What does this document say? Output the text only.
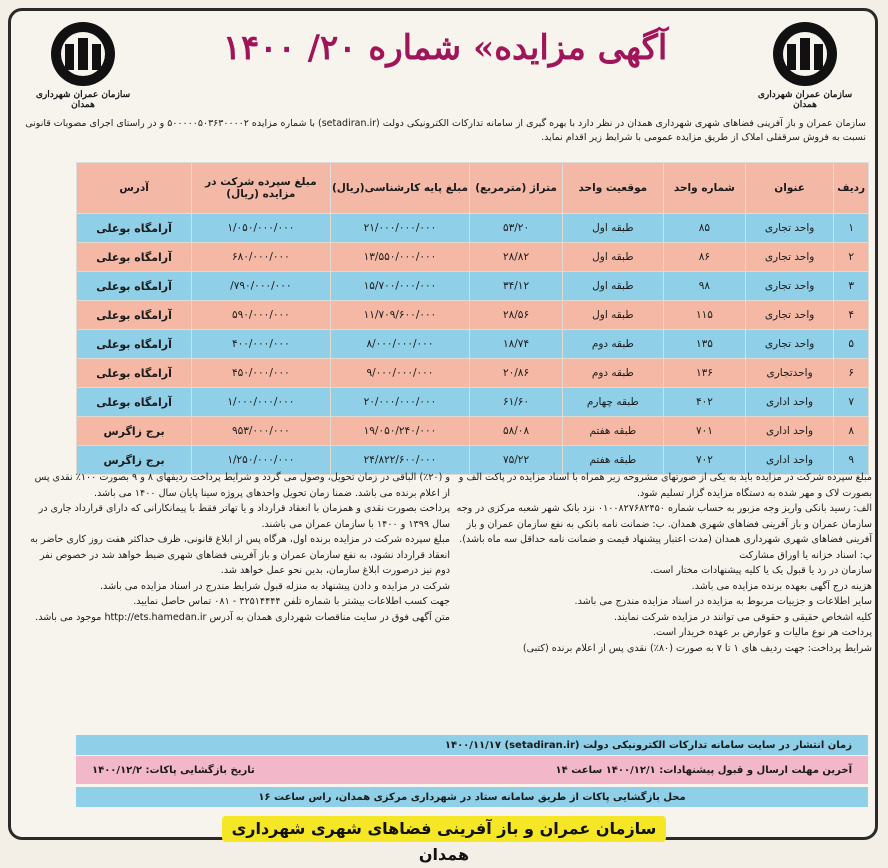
سازمان عمران شهرداری همدان
سازمان عمران شهرداری همدان
آگهی مزایده» شماره ۲۰/ ۱۴۰۰
سازمان عمران و باز آفرینی فضاهای شهری شهرداری همدان در نظر دارد با بهره گیری از سامانه تدارکات الکترونیکی دولت (setadiran.ir) با شماره مزایده ۵۰۰۰۰۰۵۰۳۶۳۰۰۰۰۲ و در راستای اجرای مصوبات قانونی نسبت به فروش سرقفلی املاک از طریق مزایده عمومی با شرایط زیر اقدام نماید.
ردیف	عنوان	شماره واحد	موقعیت واحد	متراژ (مترمربع)	مبلغ پایه کارشناسی(ریال)	مبلغ سپرده شرکت در مزایده (ریال)	آدرس
۱	واحد تجاری	۸۵	طبقه اول	۵۳/۲۰	۲۱/۰۰۰/۰۰۰/۰۰۰	۱/۰۵۰/۰۰۰/۰۰۰	آرامگاه بوعلی
۲	واحد تجاری	۸۶	طبقه اول	۲۸/۸۲	۱۳/۵۵۰/۰۰۰/۰۰۰	۶۸۰/۰۰۰/۰۰۰	آرامگاه بوعلی
۳	واحد تجاری	۹۸	طبقه اول	۳۴/۱۲	۱۵/۷۰۰/۰۰۰/۰۰۰	۷۹۰/۰۰۰/۰۰۰/	آرامگاه بوعلی
۴	واحد تجاری	۱۱۵	طبقه اول	۲۸/۵۶	۱۱/۷۰۹/۶۰۰/۰۰۰	۵۹۰/۰۰۰/۰۰۰	آرامگاه بوعلی
۵	واحد تجاری	۱۳۵	طبقه دوم	۱۸/۷۴	۸/۰۰۰/۰۰۰/۰۰۰	۴۰۰/۰۰۰/۰۰۰	آرامگاه بوعلی
۶	واحدتجاری	۱۳۶	طبقه دوم	۲۰/۸۶	۹/۰۰۰/۰۰۰/۰۰۰	۴۵۰/۰۰۰/۰۰۰	آرامگاه بوعلی
۷	واحد اداری	۴۰۲	طبقه چهارم	۶۱/۶۰	۲۰/۰۰۰/۰۰۰/۰۰۰	۱/۰۰۰/۰۰۰/۰۰۰	آرامگاه بوعلی
۸	واحد اداری	۷۰۱	طبقه هفتم	۵۸/۰۸	۱۹/۰۵۰/۲۴۰/۰۰۰	۹۵۳/۰۰۰/۰۰۰	برج زاگرس
۹	واحد اداری	۷۰۲	طبقه هفتم	۷۵/۲۲	۲۴/۸۲۲/۶۰۰/۰۰۰	۱/۲۵۰/۰۰۰/۰۰۰	برج زاگرس

مبلغ سپرده شرکت در مزایده باید به یکی از صورتهای مشروحه زیر همراه با اسناد مزایده در پاکت الف و بصورت لاک و مهر شده به دستگاه مزایده گزار تسلیم شود.

الف: رسید بانکی واریز وجه مزبور به حساب شماره ۰۱۰۰۸۲۷۶۸۲۴۵۰ نزد بانک شهر شعبه مرکزی در وجه سازمان عمران و باز آفرینی فضاهای شهری همدان. ب: ضمانت نامه بانکی به نفع سازمان عمران و باز آفرینی فضاهای شهری شهرداری همدان (مدت اعتبار پیشنهاد قیمت و ضمانت نامه حداقل سه ماه باشد). پ: اسناد خزانه یا اوراق مشارکت

سازمان در رد یا قبول یک یا کلیه پیشنهادات مختار است.

هزینه درج آگهی بعهده برنده مزایده می باشد.

سایر اطلاعات و جزییات مربوط به مزایده در اسناد مزایده مندرج می باشد.

کلیه اشخاص حقیقی و حقوقی می توانند در مزایده شرکت نمایند.

پرداخت هر نوع مالیات و عوارض بر عهده خریدار است.

شرایط پرداخت: جهت ردیف های ۱ تا ۷ به صورت (۸۰٪) نقدی پس از اعلام برنده (کتبی)

و (۲۰٪) الباقی در زمان تحویل، وصول می گردد و شرایط پرداخت ردیفهای ۸ و ۹ بصورت ۱۰۰٪ نقدی پس از اعلام برنده می باشد. ضمنا زمان تحویل واحدهای پروژه سینا پایان سال ۱۴۰۰ می باشد.

پرداخت بصورت نقدی و همزمان با انعقاد قرارداد و یا تهاتر فقط با پیمانکارانی که دارای قرارداد جاری در سال ۱۳۹۹ و ۱۴۰۰ با سازمان عمران می باشند.

مبلغ سپرده شرکت در مزایده برنده اول، هرگاه پس از ابلاغ قانونی، ظرف حداکثر هفت روز کاری حاضر به انعقاد قرارداد نشود، به نفع سازمان عمران و باز آفرینی فضاهای شهری ضبط خواهد شد در خصوص نفر دوم نیز درصورت ابلاغ سازمان، بدین نحو عمل خواهد شد.

شرکت در مزایده و دادن پیشنهاد به منزله قبول شرایط مندرج در اسناد مزایده می باشد.

جهت کسب اطلاعات بیشتر با شماره تلفن ۳۲۵۱۴۴۴۴ - ۰۸۱ تماس حاصل نمایید.

متن آگهی فوق در سایت مناقصات شهرداری همدان به آدرس http://ets.hamedan.ir موجود می باشد.

زمان انتشار در سایت سامانه تدارکات الکترونیکی دولت (setadiran.ir) ۱۴۰۰/۱۱/۱۷
آخرین مهلت ارسال و قبول پیشنهادات: ۱۴۰۰/۱۲/۱ ساعت ۱۴
تاریخ بازگشایی پاکات: ۱۴۰۰/۱۲/۲
محل بازگشایی پاکات از طریق سامانه ستاد در شهرداری مرکزی همدان، راس ساعت ۱۶
سازمان عمران و باز آفرینی فضاهای شهری شهرداری همدان
